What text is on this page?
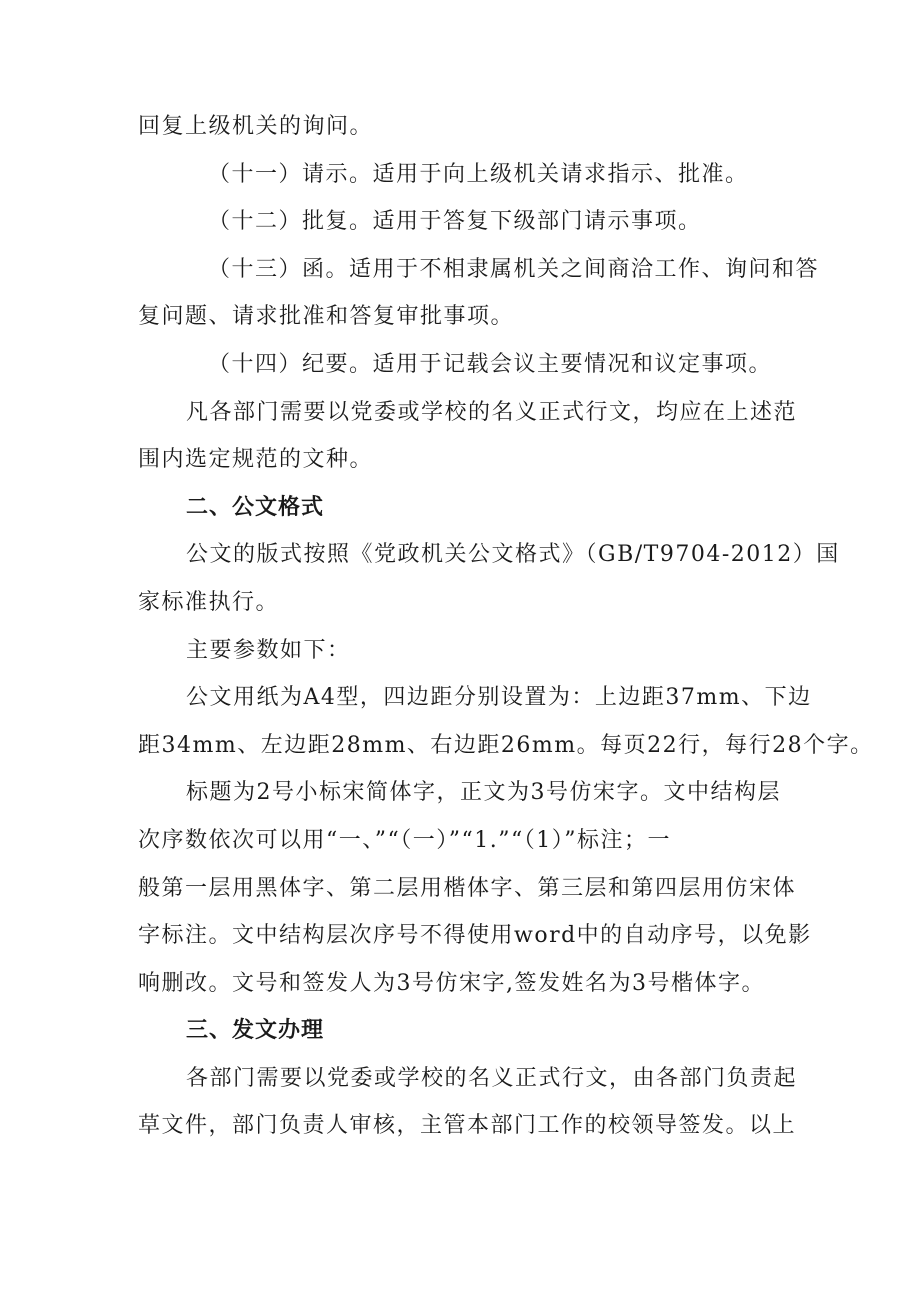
回复上级机关的询问。
（十一）请示。适用于向上级机关请求指示、批准。
（十二）批复。适用于答复下级部门请示事项。
（十三）函。适用于不相隶属机关之间商洽工作、询问和答
复问题、请求批准和答复审批事项。
（十四）纪要。适用于记载会议主要情况和议定事项。
凡各部门需要以党委或学校的名义正式行文，均应在上述范
围内选定规范的文种。
二、公文格式
公文的版式按照《党政机关公文格式》（GB/T9704-2012）国
家标准执行。
主要参数如下：
公文用纸为A4型，四边距分别设置为：上边距37mm、下边
距34mm、左边距28mm、右边距26mm。每页22行，每行28个字。
标题为2号小标宋简体字，正文为3号仿宋字。文中结构层
次序数依次可以用“一、”“（一）”“1.”“（1）”标注；一
般第一层用黑体字、第二层用楷体字、第三层和第四层用仿宋体
字标注。文中结构层次序号不得使用word中的自动序号，以免影
响删改。文号和签发人为3号仿宋字,签发姓名为3号楷体字。
三、发文办理
各部门需要以党委或学校的名义正式行文，由各部门负责起
草文件，部门负责人审核，主管本部门工作的校领导签发。以上
